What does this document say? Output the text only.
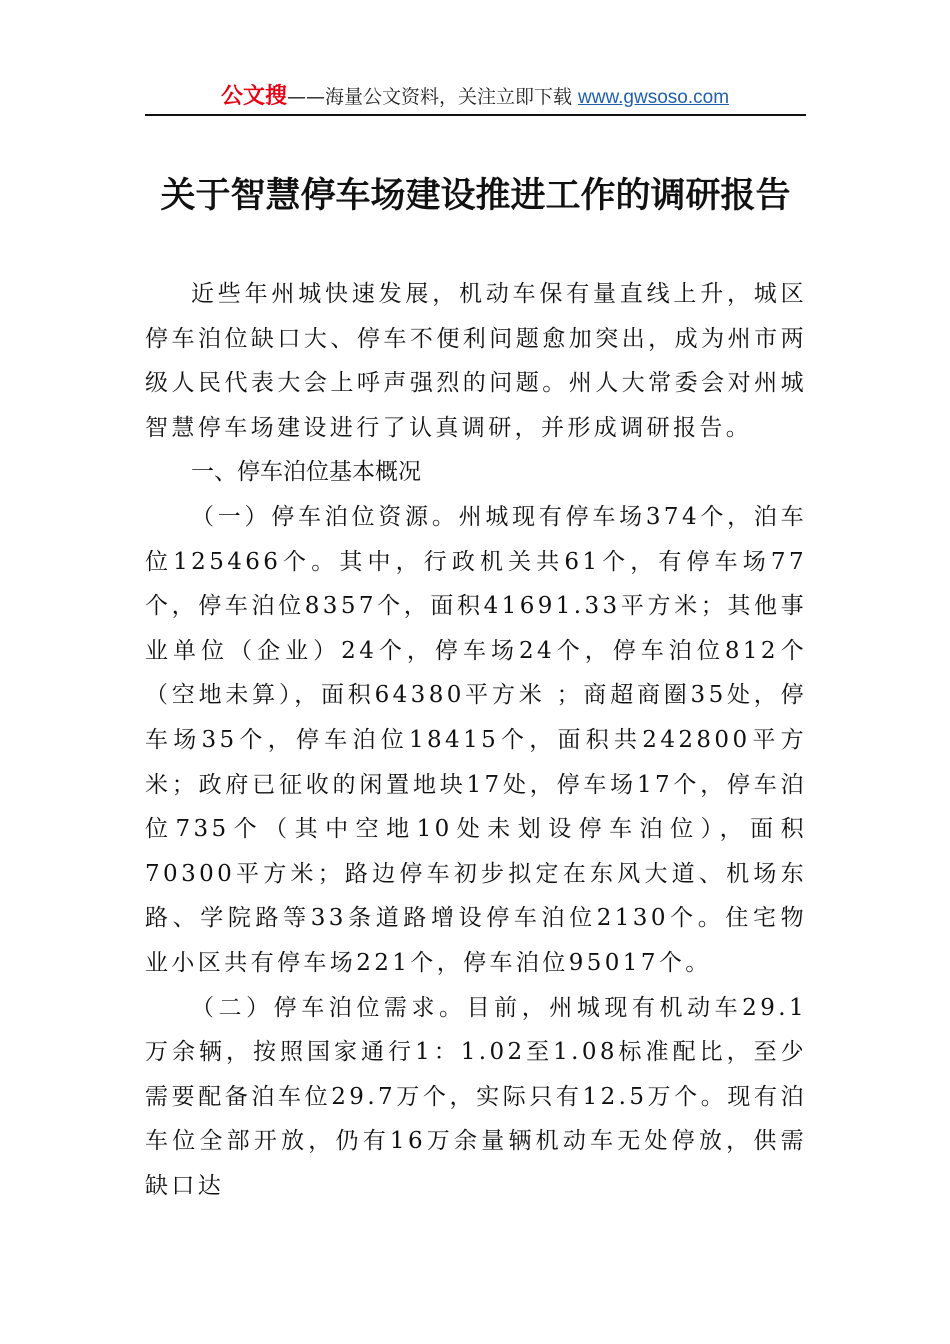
公文搜——海量公文资料，关注立即下载 www.gwsoso.com
关于智慧停车场建设推进工作的调研报告

近些年州城快速发展，机动车保有量直线上升，城区停车泊位缺口大、停车不便利问题愈加突出，成为州市两级人民代表大会上呼声强烈的问题。州人大常委会对州城智慧停车场建设进行了认真调研，并形成调研报告。

一、停车泊位基本概况

（一）停车泊位资源。州城现有停车场374个，泊车位125466个。其中，行政机关共61个，有停车场77个，停车泊位8357个，面积41691.33平方米；其他事业单位（企业）24个，停车场24个，停车泊位812个（空地未算），面积64380平方米 ；商超商圈35处，停车场35个，停车泊位18415个，面积共242800平方米；政府已征收的闲置地块17处，停车场17个，停车泊位735个（其中空地10处未划设停车泊位），面积70300平方米；路边停车初步拟定在东风大道、机场东路、学院路等33条道路增设停车泊位2130个。住宅物业小区共有停车场221个，停车泊位95017个。

（二）停车泊位需求。目前，州城现有机动车29.1万余辆，按照国家通行1：1.02至1.08标准配比，至少需要配备泊车位29.7万个，实际只有12.5万个。现有泊车位全部开放，仍有16万余量辆机动车无处停放，供需缺口达
